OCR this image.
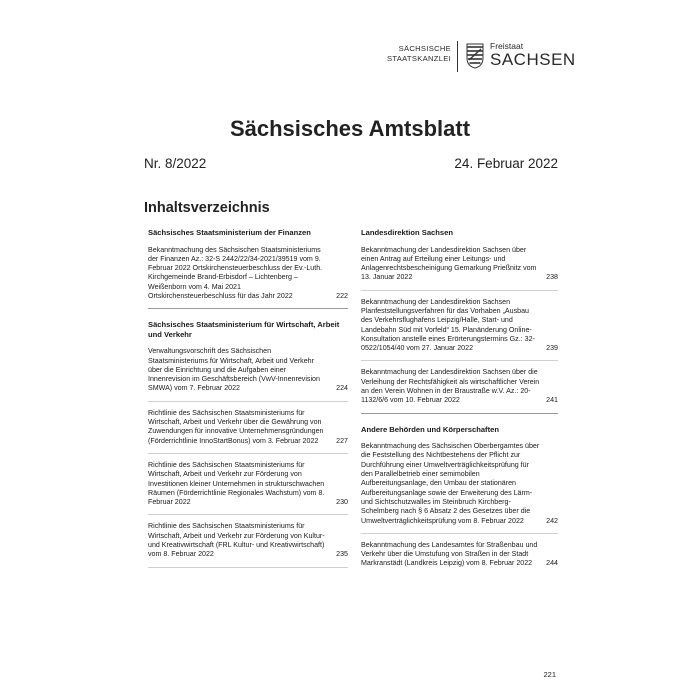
SÄCHSISCHE
STAATSKANZLEI
Freistaat
SACHSEN
Sächsisches Amtsblatt
Nr. 8/2022	24. Februar 2022
Inhaltsverzeichnis
Sächsisches Staatsministerium der Finanzen
Bekanntmachung des Sächsischen Staatsministeriums der Finanzen Az.: 32-S 2442/22/34-2021/39519 vom 9. Februar 2022 Ortskirchensteuerbeschluss der Ev.-Luth. Kirchgemeinde Brand-Erbisdorf – Lichtenberg – Weißenborn vom 4. Mai 2021 Ortskirchensteuerbeschluss für das Jahr 2022	222
Sächsisches Staatsministerium für Wirtschaft, Arbeit und Verkehr
Verwaltungsvorschrift des Sächsischen Staatsministeriums für Wirtschaft, Arbeit und Verkehr über die Einrichtung und die Aufgaben einer Innenrevision im Geschäftsbereich (VwV-Innenrevision SMWA) vom 7. Februar 2022	224
Richtlinie des Sächsischen Staatsministeriums für Wirtschaft, Arbeit und Verkehr über die Gewährung von Zuwendungen für innovative Unternehmensgründungen (Förderrichtlinie InnoStartBonus) vom 3. Februar 2022	227
Richtlinie des Sächsischen Staatsministeriums für Wirtschaft, Arbeit und Verkehr zur Förderung von Investitionen kleiner Unternehmen in strukturschwachen Räumen (Förderrichtlinie Regionales Wachstum) vom 8. Februar 2022	230
Richtlinie des Sächsischen Staatsministeriums für Wirtschaft, Arbeit und Verkehr zur Förderung von Kultur- und Kreativwirtschaft (FRL Kultur- und Kreativwirtschaft) vom 8. Februar 2022	235
Landesdirektion Sachsen
Bekanntmachung der Landesdirektion Sachsen über einen Antrag auf Erteilung einer Leitungs- und Anlagenrechtsbescheinigung Gemarkung Prießnitz vom 13. Januar 2022	238
Bekanntmachung der Landesdirektion Sachsen Planfeststellungsverfahren für das Vorhaben „Ausbau des Verkehrsflughafens Leipzig/Halle, Start- und Landebahn Süd mit Vorfeld“ 15. Planänderung Online-Konsultation anstelle eines Erörterungstermins Gz.: 32-0522/1054/40 vom 27. Januar 2022	239
Bekanntmachung der Landesdirektion Sachsen über die Verleihung der Rechtsfähigkeit als wirtschaftlicher Verein an den Verein Wohnen in der Braustraße w.V. Az.: 20-1132/6/6 vom 10. Februar 2022	241
Andere Behörden und Körperschaften
Bekanntmachung des Sächsischen Oberbergamtes über die Feststellung des Nichtbestehens der Pflicht zur Durchführung einer Umweltverträglichkeitsprüfung für den Parallelbetrieb einer semimobilen Aufbereitungsanlage, den Umbau der stationären Aufbereitungsanlage sowie der Erweiterung des Lärm- und Sichtschutzwalles im Steinbruch Kirchberg-Schelmberg nach § 6 Absatz 2 des Gesetzes über die Umweltverträglichkeitsprüfung vom 8. Februar 2022	242
Bekanntmachung des Landesamtes für Straßenbau und Verkehr über die Umstufung von Straßen in der Stadt Markranstädt (Landkreis Leipzig) vom 8. Februar 2022	244
221
